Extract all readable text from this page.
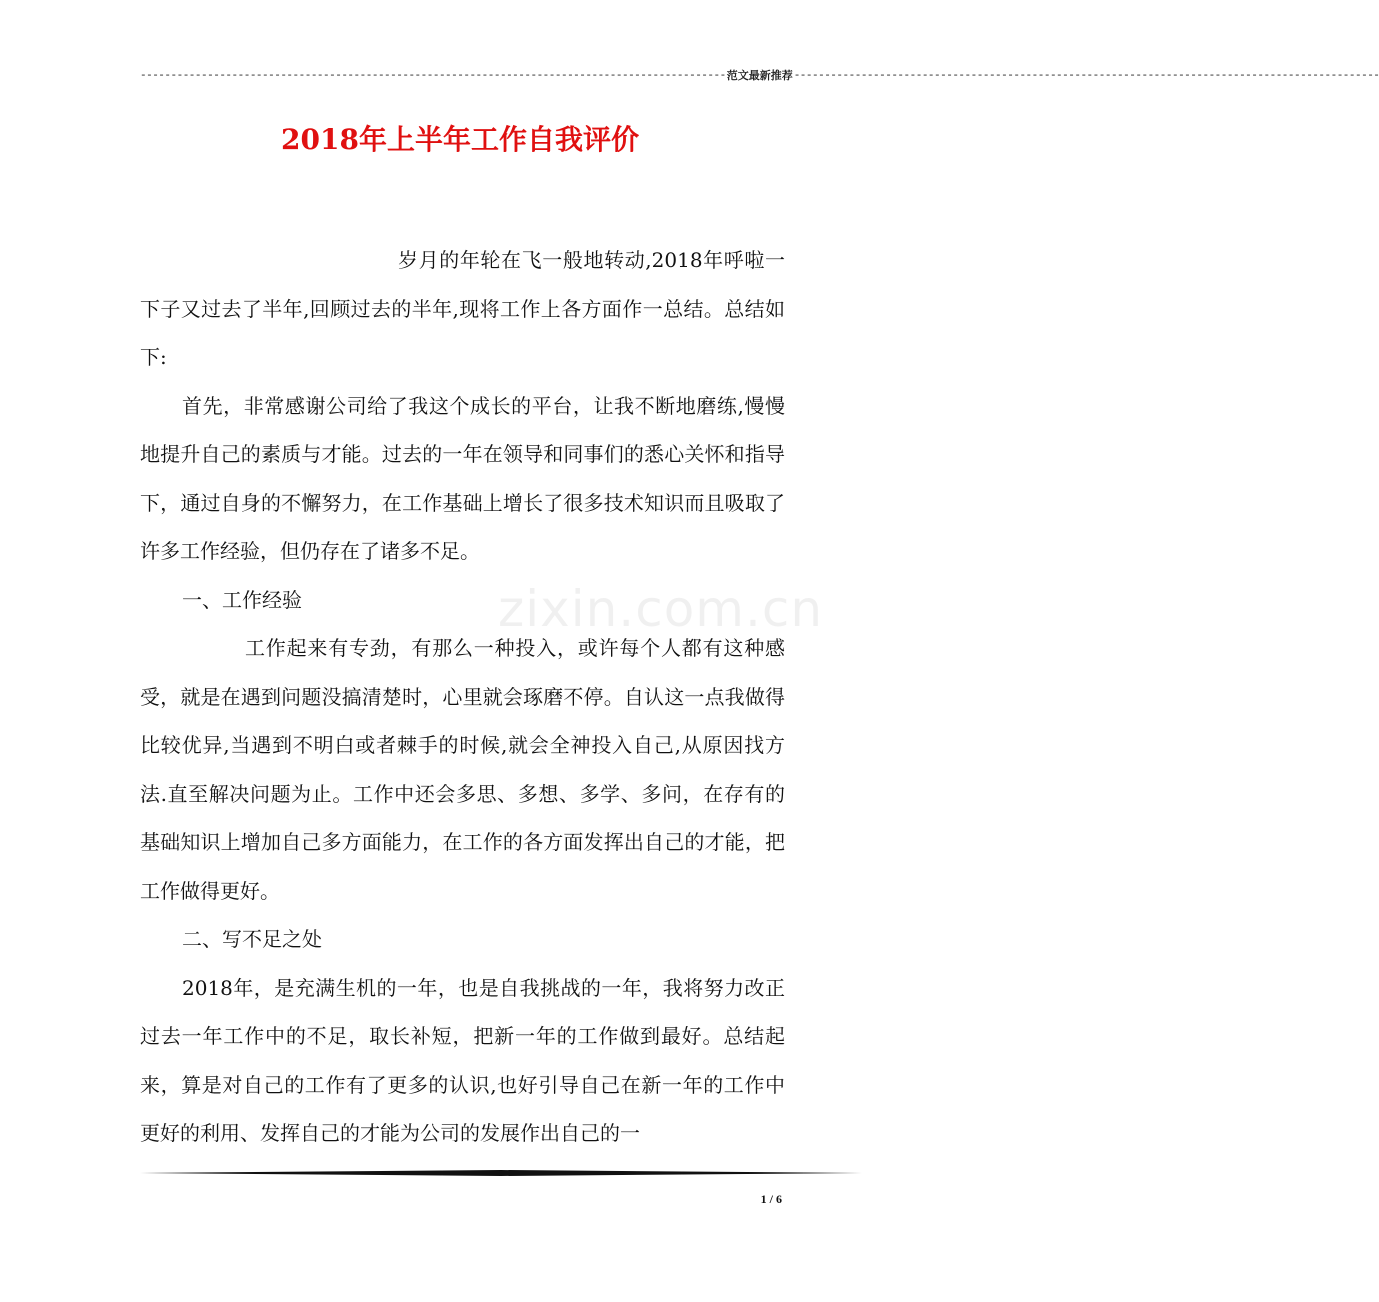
------------------------------------------------------------------------------------------------ 范文最新推荐 ------------------------------------------------------------------------------------------------
2018年上半年工作自我评价
zixin.com.cn

岁月的年轮在飞一般地转动,2018年呼啦一下子又过去了半年,回顾过去的半年,现将工作上各方面作一总结。总结如下:

首先，非常感谢公司给了我这个成长的平台，让我不断地磨练,慢慢地提升自己的素质与才能。过去的一年在领导和同事们的悉心关怀和指导下，通过自身的不懈努力，在工作基础上增长了很多技术知识而且吸取了许多工作经验，但仍存在了诸多不足。

一、工作经验

工作起来有专劲，有那么一种投入，或许每个人都有这种感受，就是在遇到问题没搞清楚时，心里就会琢磨不停。自认这一点我做得比较优异,当遇到不明白或者棘手的时候,就会全神投入自己,从原因找方法.直至解决问题为止。工作中还会多思、多想、多学、多问，在存有的基础知识上增加自己多方面能力，在工作的各方面发挥出自己的才能，把工作做得更好。

二、写不足之处

2018年，是充满生机的一年，也是自我挑战的一年，我将努力改正过去一年工作中的不足，取长补短，把新一年的工作做到最好。总结起来，算是对自己的工作有了更多的认识,也好引导自己在新一年的工作中更好的利用、发挥自己的才能为公司的发展作出自己的一

1 / 6
